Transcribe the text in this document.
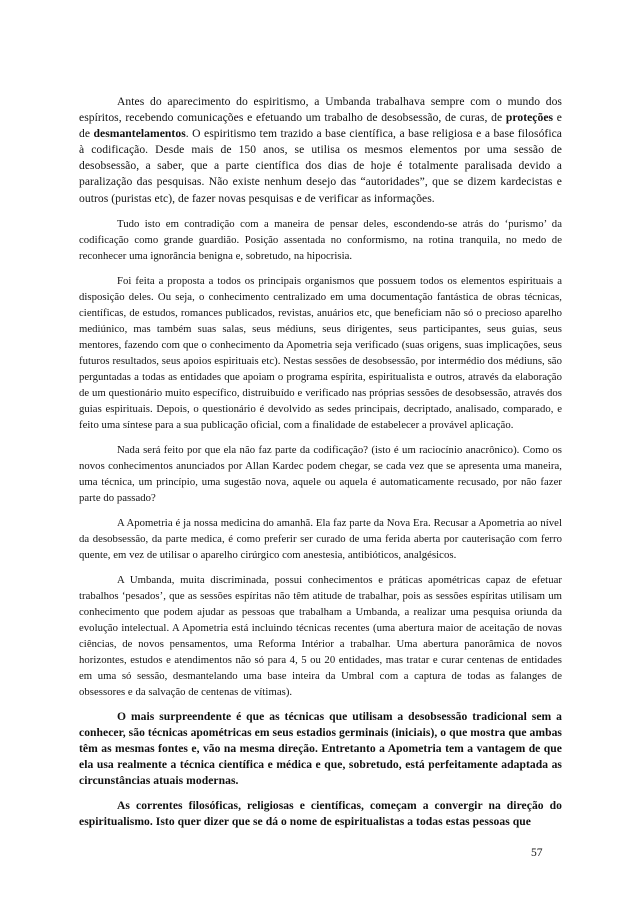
Antes do aparecimento do espiritismo, a Umbanda trabalhava sempre com o mundo dos espíritos, recebendo comunicações e efetuando um trabalho de desobsessão, de curas, de proteções e de desmantelamentos. O espiritismo tem trazido a base científica, a base religiosa e a base filosófica à codificação. Desde mais de 150 anos, se utilisa os mesmos elementos por uma sessão de desobsessão, a saber, que a parte científica dos dias de hoje é totalmente paralisada devido a paralização das pesquisas. Não existe nenhum desejo das “autoridades”, que se dizem kardecistas e outros (puristas etc), de fazer novas pesquisas e de verificar as informações.

Tudo isto em contradição com a maneira de pensar deles, escondendo-se atrás do ‘purismo’ da codificação como grande guardião. Posição assentada no conformismo, na rotina tranquila, no medo de reconhecer uma ignorância benigna e, sobretudo, na hipocrisia.

Foi feita a proposta a todos os principais organismos que possuem todos os elementos espirituais a disposição deles. Ou seja, o conhecimento centralizado em uma documentação fantástica de obras técnicas, científicas, de estudos, romances publicados, revistas, anuários etc, que beneficiam não só o precioso aparelho mediúnico, mas também suas salas, seus médiuns, seus dirigentes, seus participantes, seus guias, seus mentores, fazendo com que o conhecimento da Apometria seja verificado (suas origens, suas implicações, seus futuros resultados, seus apoios espirituais etc). Nestas sessões de desobsessão, por intermédio dos médiuns, são perguntadas a todas as entidades que apoiam o programa espírita, espiritualista e outros, através da elaboração de um questionário muito específico, distruibuído e verificado nas próprias sessões de desobsessão, através dos guias espirituais. Depois, o questionário é devolvido as sedes principais, decriptado, analisado, comparado, e feito uma síntese para a sua publicação oficial, com a finalidade de estabelecer a provável aplicação.

Nada será feito por que ela não faz parte da codificação? (isto é um raciocínio anacrônico). Como os novos conhecimentos anunciados por Allan Kardec podem chegar, se cada vez que se apresenta uma maneira, uma técnica, um princípio, uma sugestão nova, aquele ou aquela é automaticamente recusado, por não fazer parte do passado?

A Apometria é ja nossa medicina do amanhã. Ela faz parte da Nova Era. Recusar a Apometria ao nível da desobsessão, da parte medica, é como preferir ser curado de uma ferida aberta por cauterisação com ferro quente, em vez de utilisar o aparelho cirúrgico com anestesia, antibióticos, analgésicos.

A Umbanda, muita discriminada, possui conhecimentos e práticas apométricas capaz de efetuar trabalhos ‘pesados’, que as sessões espíritas não têm atitude de trabalhar, pois as sessões espíritas utilisam um conhecimento que podem ajudar as pessoas que trabalham a Umbanda, a realizar uma pesquisa oriunda da evolução intelectual. A Apometria está incluindo técnicas recentes (uma abertura maior de aceitação de novas ciências, de novos pensamentos, uma Reforma Intérior a trabalhar. Uma abertura panorâmica de novos horizontes, estudos e atendimentos não só para 4, 5 ou 20 entidades, mas tratar e curar centenas de entidades em uma só sessão, desmantelando uma base inteira da Umbral com a captura de todas as falanges de obsessores e da salvação de centenas de vítimas).

O mais surpreendente é que as técnicas que utilisam a desobsessão tradicional sem a conhecer, são técnicas apométricas em seus estadios germinais (iniciais), o que mostra que ambas têm as mesmas fontes e, vão na mesma direção. Entretanto a Apometria tem a vantagem de que ela usa realmente a técnica científica e médica e que, sobretudo, está perfeitamente adaptada as circunstâncias atuais modernas.

As correntes filosóficas, religiosas e científicas, começam a convergir na direção do espiritualismo. Isto quer dizer que se dá o nome de espiritualistas a todas estas pessoas que

57
